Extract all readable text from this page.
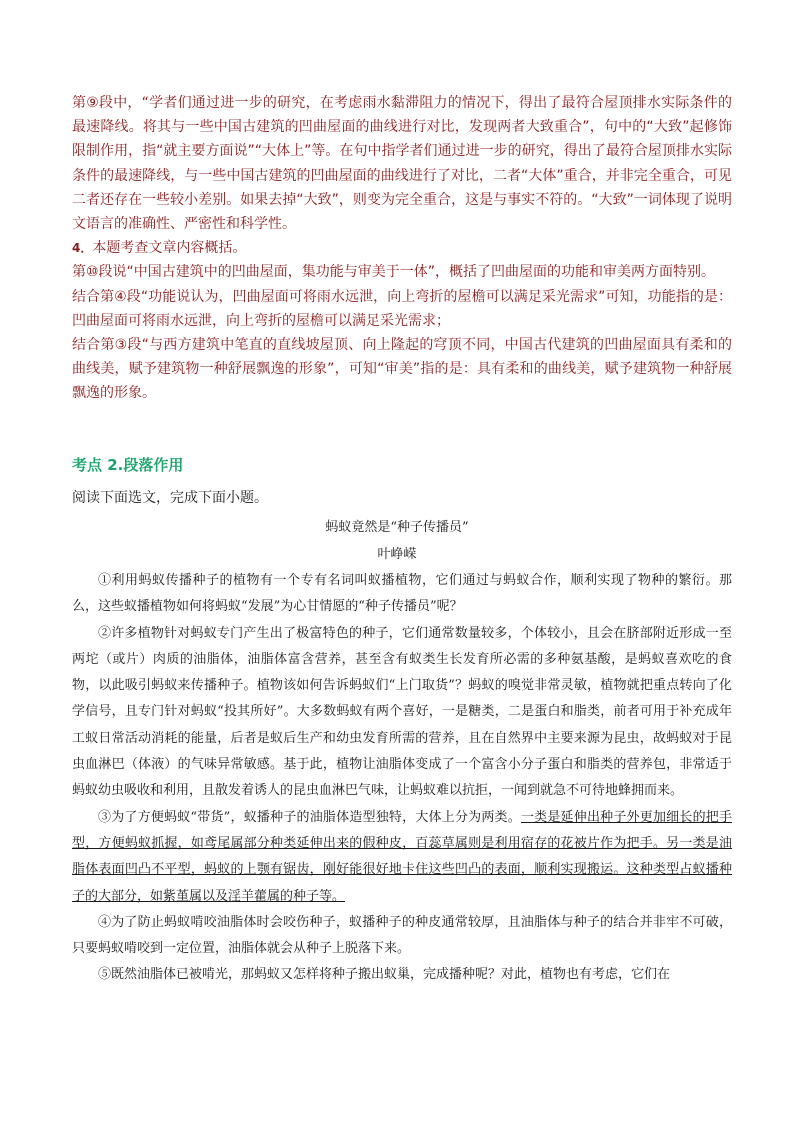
第⑨段中，“学者们通过进一步的研究，在考虑雨水黏滞阻力的情况下，得出了最符合屋顶排水实际条件的最速降线。将其与一些中国古建筑的凹曲屋面的曲线进行对比，发现两者大致重合”，句中的“大致”起修饰限制作用，指“就主要方面说”“大体上”等。在句中指学者们通过进一步的研究，得出了最符合屋顶排水实际条件的最速降线，与一些中国古建筑的凹曲屋面的曲线进行了对比，二者“大体”重合，并非完全重合，可见二者还存在一些较小差别。如果去掉“大致”，则变为完全重合，这是与事实不符的。“大致”一词体现了说明文语言的准确性、严密性和科学性。

4．本题考查文章内容概括。

第⑩段说“中国古建筑中的凹曲屋面，集功能与审美于一体”，概括了凹曲屋面的功能和审美两方面特别。

结合第④段“功能说认为，凹曲屋面可将雨水远泄，向上弯折的屋檐可以满足采光需求”可知，功能指的是：凹曲屋面可将雨水远泄，向上弯折的屋檐可以满足采光需求；

结合第③段“与西方建筑中笔直的直线坡屋顶、向上隆起的穹顶不同，中国古代建筑的凹曲屋面具有柔和的曲线美，赋予建筑物一种舒展飘逸的形象”，可知“审美”指的是：具有柔和的曲线美，赋予建筑物一种舒展飘逸的形象。

考点 2.段落作用
阅读下面选文，完成下面小题。
蚂蚁竟然是“种子传播员”
叶峥嵘

①利用蚂蚁传播种子的植物有一个专有名词叫蚁播植物，它们通过与蚂蚁合作，顺利实现了物种的繁衍。那么，这些蚁播植物如何将蚂蚁“发展”为心甘情愿的“种子传播员”呢？

②许多植物针对蚂蚁专门产生出了极富特色的种子，它们通常数量较多，个体较小，且会在脐部附近形成一至两坨（或片）肉质的油脂体，油脂体富含营养，甚至含有蚁类生长发育所必需的多种氨基酸，是蚂蚁喜欢吃的食物，以此吸引蚂蚁来传播种子。植物该如何告诉蚂蚁们“上门取货”？蚂蚁的嗅觉非常灵敏，植物就把重点转向了化学信号，且专门针对蚂蚁“投其所好”。大多数蚂蚁有两个喜好，一是糖类，二是蛋白和脂类，前者可用于补充成年工蚁日常活动消耗的能量，后者是蚁后生产和幼虫发育所需的营养，且在自然界中主要来源为昆虫，故蚂蚁对于昆虫血淋巴（体液）的气味异常敏感。基于此，植物让油脂体变成了一个富含小分子蛋白和脂类的营养包，非常适于蚂蚁幼虫吸收和利用，且散发着诱人的昆虫血淋巴气味，让蚂蚁难以抗拒，一闻到就急不可待地蜂拥而来。

③为了方便蚂蚁“带货”，蚁播种子的油脂体造型独特，大体上分为两类。一类是延伸出种子外更加细长的把手型，方便蚂蚁抓握，如鸢尾属部分种类延伸出来的假种皮，百蕊草属则是利用宿存的花被片作为把手。另一类是油脂体表面凹凸不平型，蚂蚁的上颚有锯齿，刚好能很好地卡住这些凹凸的表面，顺利实现搬运。这种类型占蚁播种子的大部分，如紫堇属以及淫羊藿属的种子等。

④为了防止蚂蚁啃咬油脂体时会咬伤种子，蚁播种子的种皮通常较厚，且油脂体与种子的结合并非牢不可破，只要蚂蚁啃咬到一定位置，油脂体就会从种子上脱落下来。

⑤既然油脂体已被啃光，那蚂蚁又怎样将种子搬出蚁巢，完成播种呢？对此，植物也有考虑，它们在
